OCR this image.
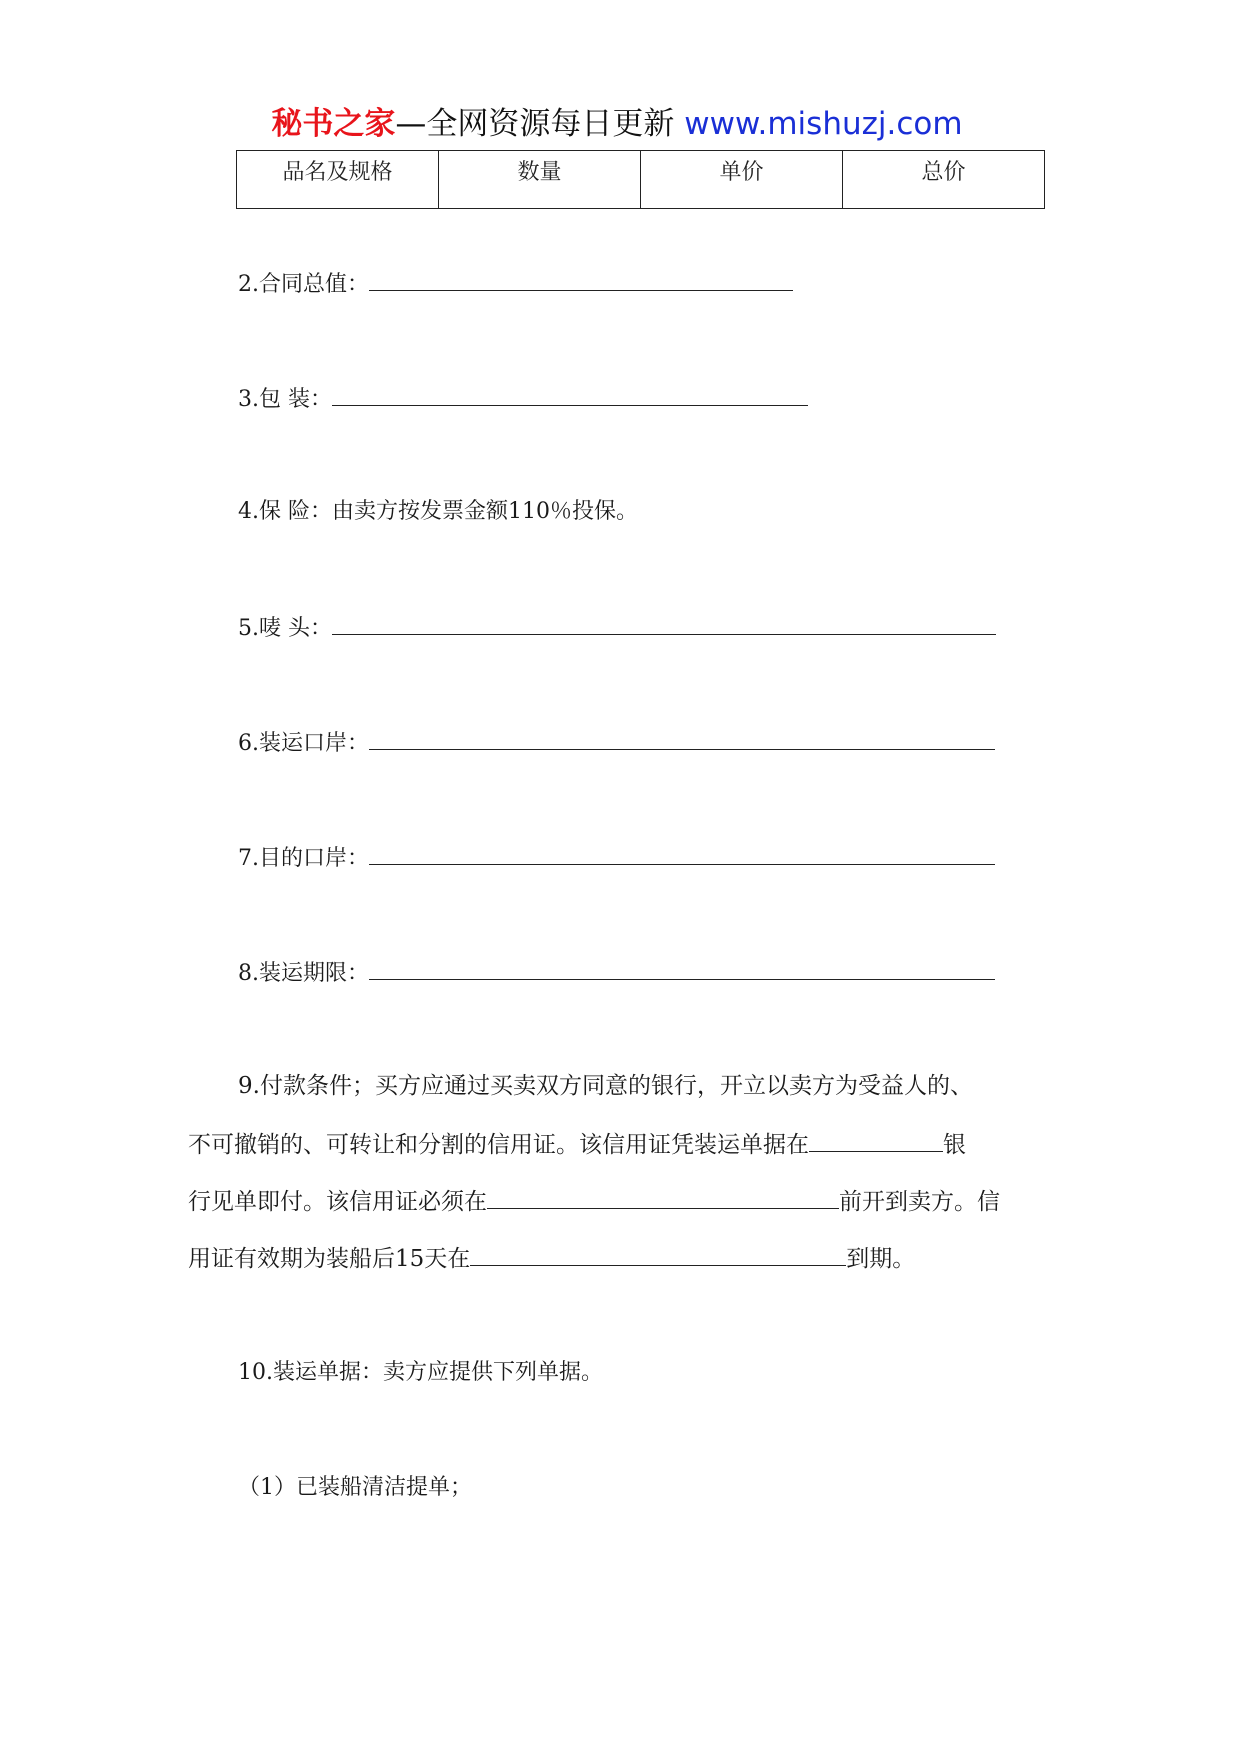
秘书之家—全网资源每日更新 www.mishuzj.com
品名及规格	数量	单价	总价
2.合同总值：
3.包 装：
4.保 险：由卖方按发票金额110％投保。
5.唛 头：
6.装运口岸：
7.目的口岸：
8.装运期限：
9.付款条件；买方应通过买卖双方同意的银行，开立以卖方为受益人的、
不可撤销的、可转让和分割的信用证。该信用证凭装运单据在	银
行见单即付。该信用证必须在	前开到卖方。信
用证有效期为装船后15天在	到期。
10.装运单据：卖方应提供下列单据。
（1）已装船清洁提单；
